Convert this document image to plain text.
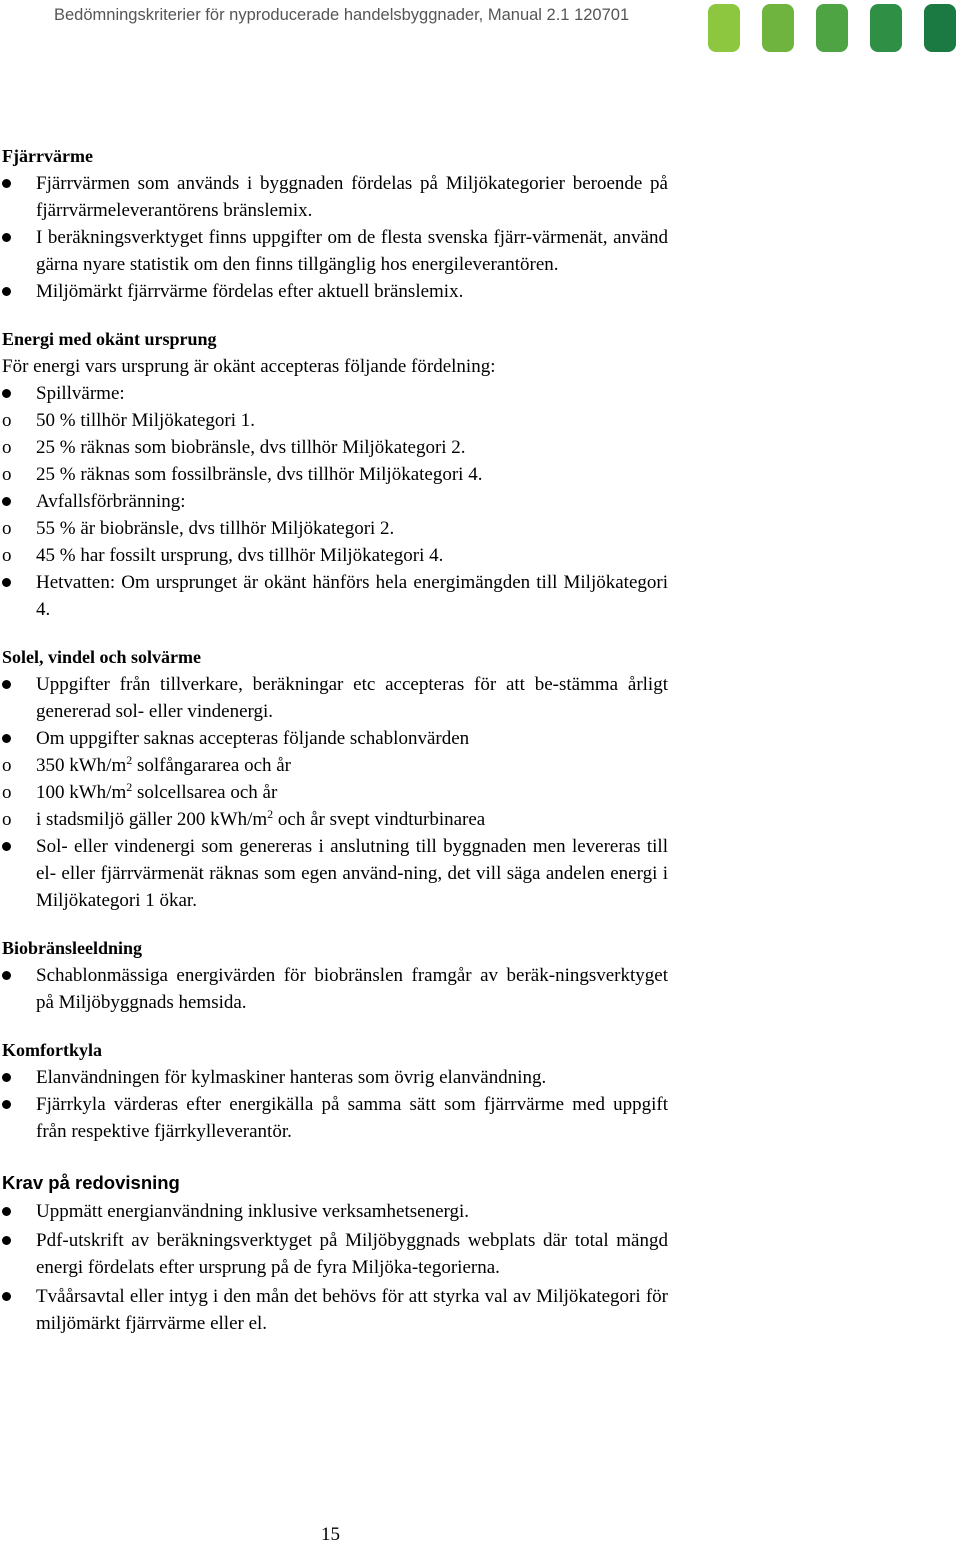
Bedömningskriterier för nyproducerade handelsbyggnader, Manual 2.1 120701
Fjärrvärme
Fjärrvärmen som används i byggnaden fördelas på Miljökategorier beroende på fjärrvärmeleverantörens bränslemix.
I beräkningsverktyget finns uppgifter om de flesta svenska fjärr-värmenät, använd gärna nyare statistik om den finns tillgänglig hos energileverantören.
Miljömärkt fjärrvärme fördelas efter aktuell bränslemix.
Energi med okänt ursprung
För energi vars ursprung är okänt accepteras följande fördelning:
Spillvärme:
o 50 % tillhör Miljökategori 1.
o 25 % räknas som biobränsle, dvs tillhör Miljökategori 2.
o 25 % räknas som fossilbränsle, dvs tillhör Miljökategori 4.
Avfallsförbränning:
o 55 % är biobränsle, dvs tillhör Miljökategori 2.
o 45 % har fossilt ursprung, dvs tillhör Miljökategori 4.
Hetvatten: Om ursprunget är okänt hänförs hela energimängden till Miljökategori 4.
Solel, vindel och solvärme
Uppgifter från tillverkare, beräkningar etc accepteras för att be-stämma årligt genererad sol- eller vindenergi.
Om uppgifter saknas accepteras följande schablonvärden
o 350 kWh/$m^2$ solfångararea och år
o 100 kWh/$m^2$ solcellsarea och år
o i stadsmiljö gäller 200 kWh/$m^2$ och år svept vindturbinarea
Sol- eller vindenergi som genereras i anslutning till byggnaden men levereras till el- eller fjärrvärmenät räknas som egen använd-ning, det vill säga andelen energi i Miljökategori 1 ökar.
Biobränsleeldning
Schablonmässiga energivärden för biobränslen framgår av beräk-ningsverktyget på Miljöbyggnads hemsida.
Komfortkyla
Elanvändningen för kylmaskiner hanteras som övrig elanvändning.
Fjärrkyla värderas efter energikälla på samma sätt som fjärrvärme med uppgift från respektive fjärrkylleverantör.
Krav på redovisning
Uppmätt energianvändning inklusive verksamhetsenergi.
Pdf-utskrift av beräkningsverktyget på Miljöbyggnads webplats där total mängd energi fördelats efter ursprung på de fyra Miljöka-tegorierna.
Tvåårsavtal eller intyg i den mån det behövs för att styrka val av Miljökategori för miljömärkt fjärrvärme eller el.
15
